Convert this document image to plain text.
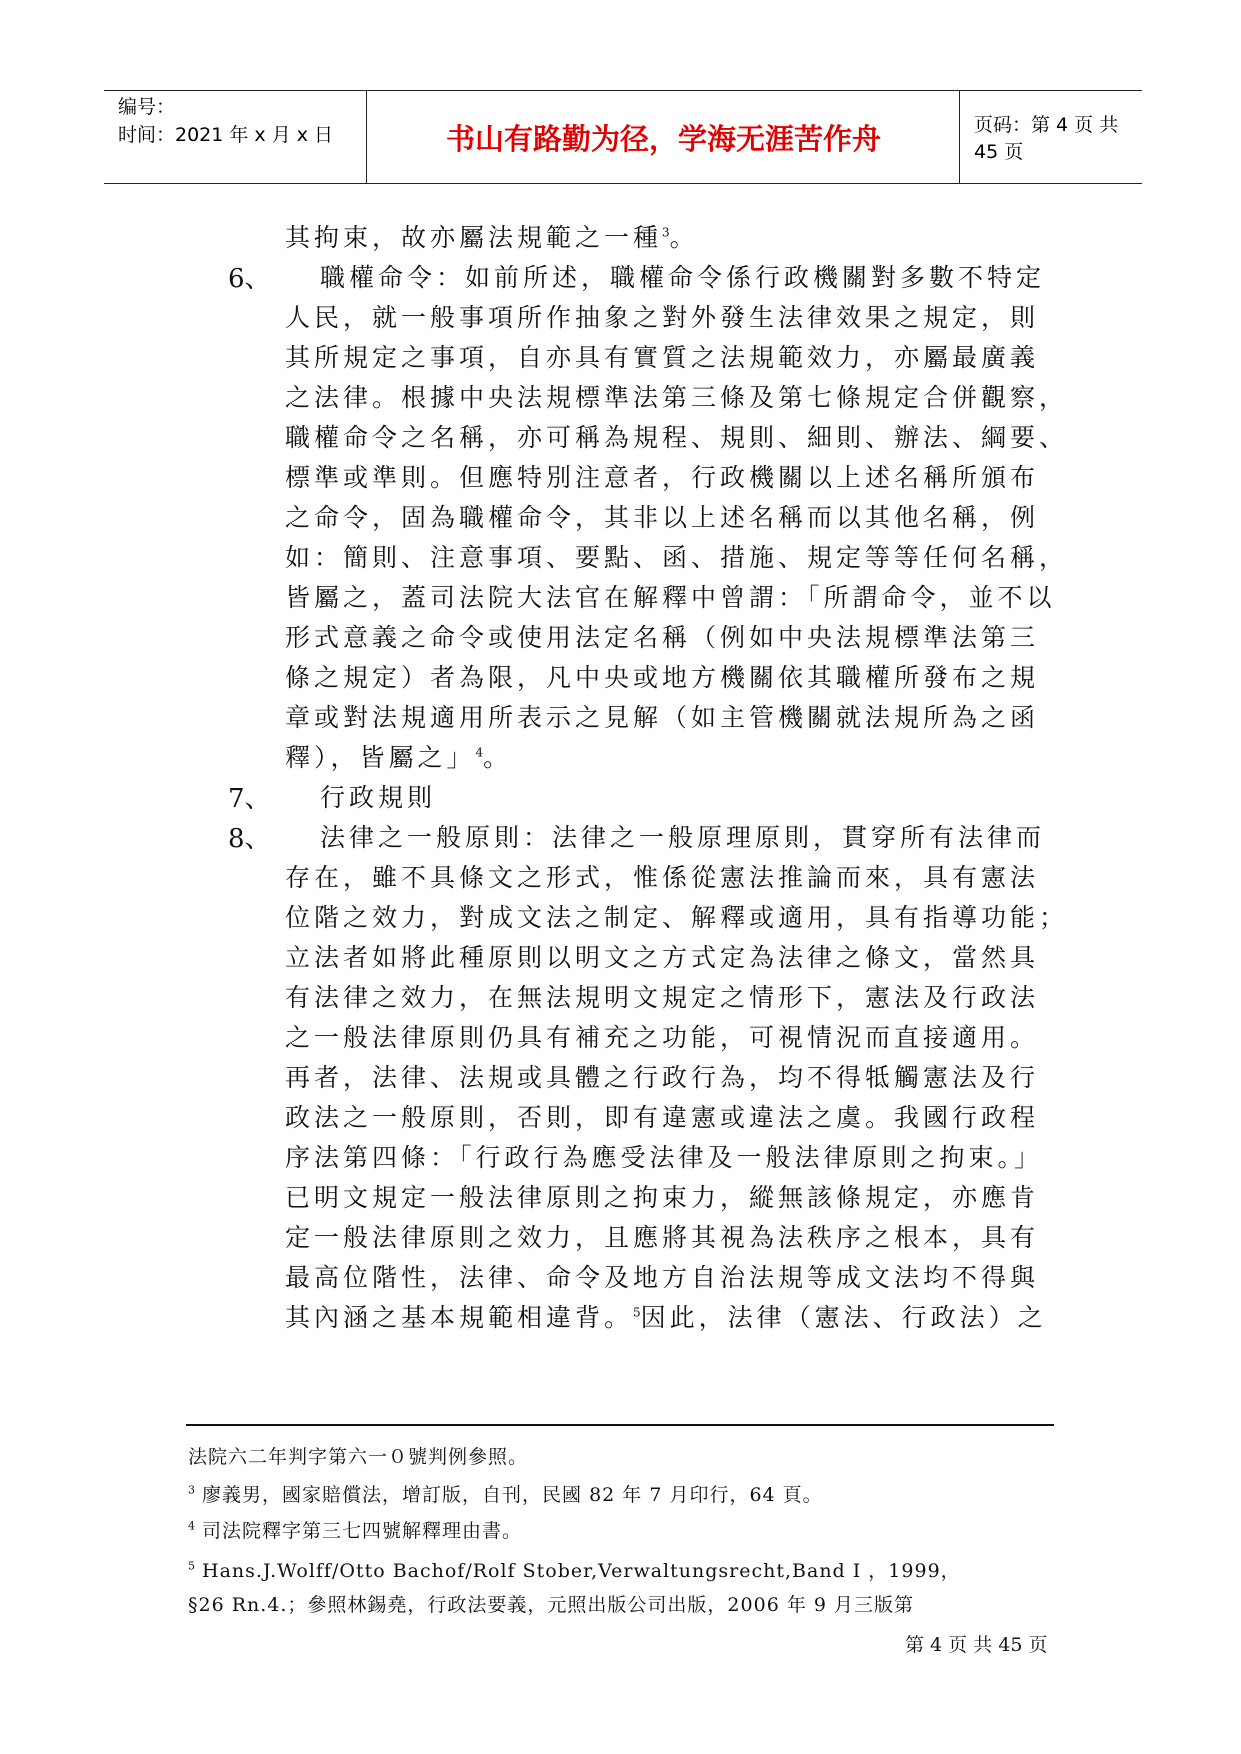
编号：
时间：2021 年 x 月 x 日	书山有路勤为径，学海无涯苦作舟	页码：第 4 页 共 45 页
其拘束，故亦屬法規範之一種$^3$。
6、 職權命令：如前所述，職權命令係行政機關對多數不特定
人民，就一般事項所作抽象之對外發生法律效果之規定，則
其所規定之事項，自亦具有實質之法規範效力，亦屬最廣義
之法律。根據中央法規標準法第三條及第七條規定合併觀察，
職權命令之名稱，亦可稱為規程、規則、細則、辦法、綱要、
標準或準則。但應特別注意者，行政機關以上述名稱所頒布
之命令，固為職權命令，其非以上述名稱而以其他名稱，例
如：簡則、注意事項、要點、函、措施、規定等等任何名稱，
皆屬之，蓋司法院大法官在解釋中曾謂：「所謂命令，並不以
形式意義之命令或使用法定名稱（例如中央法規標準法第三
條之規定）者為限，凡中央或地方機關依其職權所發布之規
章或對法規適用所表示之見解（如主管機關就法規所為之函
釋），皆屬之」$^4$。
7、 行政規則
8、 法律之一般原則：法律之一般原理原則，貫穿所有法律而
存在，雖不具條文之形式，惟係從憲法推論而來，具有憲法
位階之效力，對成文法之制定、解釋或適用，具有指導功能；
立法者如將此種原則以明文之方式定為法律之條文，當然具
有法律之效力，在無法規明文規定之情形下，憲法及行政法
之一般法律原則仍具有補充之功能，可視情況而直接適用。
再者，法律、法規或具體之行政行為，均不得牴觸憲法及行
政法之一般原則，否則，即有違憲或違法之虞。我國行政程
序法第四條：「行政行為應受法律及一般法律原則之拘束。」
已明文規定一般法律原則之拘束力，縱無該條規定，亦應肯
定一般法律原則之效力，且應將其視為法秩序之根本，具有
最高位階性，法律、命令及地方自治法規等成文法均不得與
其內涵之基本規範相違背。$^5$因此，法律（憲法、行政法）之
法院六二年判字第六一０號判例參照。
$^3$ 廖義男，國家賠償法，增訂版，自刊，民國 82 年 7 月印行，64 頁。
$^4$ 司法院釋字第三七四號解釋理由書。
$^5$ Hans.J.Wolff/Otto Bachof/Rolf Stober,Verwaltungsrecht,Band I ，1999，
§26 Rn.4.；參照林錫堯，行政法要義，元照出版公司出版，2006 年 9 月三版第
第 4 页 共 45 页
